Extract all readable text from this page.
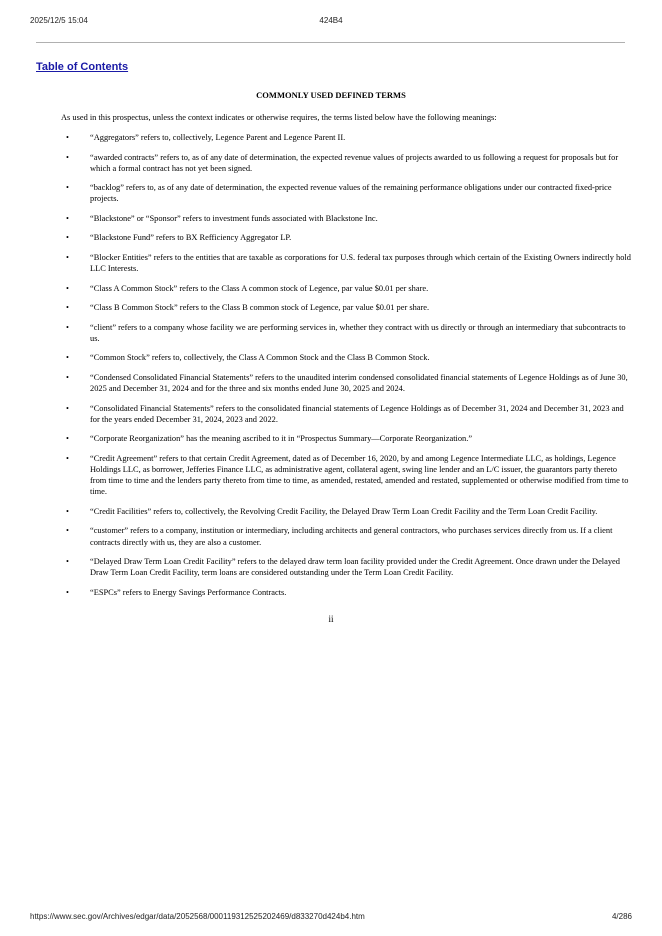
2025/12/5 15:04	424B4
Table of Contents
COMMONLY USED DEFINED TERMS
As used in this prospectus, unless the context indicates or otherwise requires, the terms listed below have the following meanings:
•	“Aggregators” refers to, collectively, Legence Parent and Legence Parent II.
•	“awarded contracts” refers to, as of any date of determination, the expected revenue values of projects awarded to us following a request for proposals but for which a formal contract has not yet been signed.
•	“backlog” refers to, as of any date of determination, the expected revenue values of the remaining performance obligations under our contracted fixed-price projects.
•	“Blackstone” or “Sponsor” refers to investment funds associated with Blackstone Inc.
•	“Blackstone Fund” refers to BX Refficiency Aggregator LP.
•	“Blocker Entities” refers to the entities that are taxable as corporations for U.S. federal tax purposes through which certain of the Existing Owners indirectly hold LLC Interests.
•	“Class A Common Stock” refers to the Class A common stock of Legence, par value $0.01 per share.
•	“Class B Common Stock” refers to the Class B common stock of Legence, par value $0.01 per share.
•	“client” refers to a company whose facility we are performing services in, whether they contract with us directly or through an intermediary that subcontracts to us.
•	“Common Stock” refers to, collectively, the Class A Common Stock and the Class B Common Stock.
•	“Condensed Consolidated Financial Statements” refers to the unaudited interim condensed consolidated financial statements of Legence Holdings as of June 30, 2025 and December 31, 2024 and for the three and six months ended June 30, 2025 and 2024.
•	“Consolidated Financial Statements” refers to the consolidated financial statements of Legence Holdings as of December 31, 2024 and December 31, 2023 and for the years ended December 31, 2024, 2023 and 2022.
•	“Corporate Reorganization” has the meaning ascribed to it in “Prospectus Summary—Corporate Reorganization.”
•	“Credit Agreement” refers to that certain Credit Agreement, dated as of December 16, 2020, by and among Legence Intermediate LLC, as holdings, Legence Holdings LLC, as borrower, Jefferies Finance LLC, as administrative agent, collateral agent, swing line lender and an L/C issuer, the guarantors party thereto from time to time and the lenders party thereto from time to time, as amended, restated, amended and restated, supplemented or otherwise modified from time to time.
•	“Credit Facilities” refers to, collectively, the Revolving Credit Facility, the Delayed Draw Term Loan Credit Facility and the Term Loan Credit Facility.
•	“customer” refers to a company, institution or intermediary, including architects and general contractors, who purchases services directly from us. If a client contracts directly with us, they are also a customer.
•	“Delayed Draw Term Loan Credit Facility” refers to the delayed draw term loan facility provided under the Credit Agreement. Once drawn under the Delayed Draw Term Loan Credit Facility, term loans are considered outstanding under the Term Loan Credit Facility.
•	“ESPCs” refers to Energy Savings Performance Contracts.
ii
https://www.sec.gov/Archives/edgar/data/2052568/000119312525202469/d833270d424b4.htm	4/286
